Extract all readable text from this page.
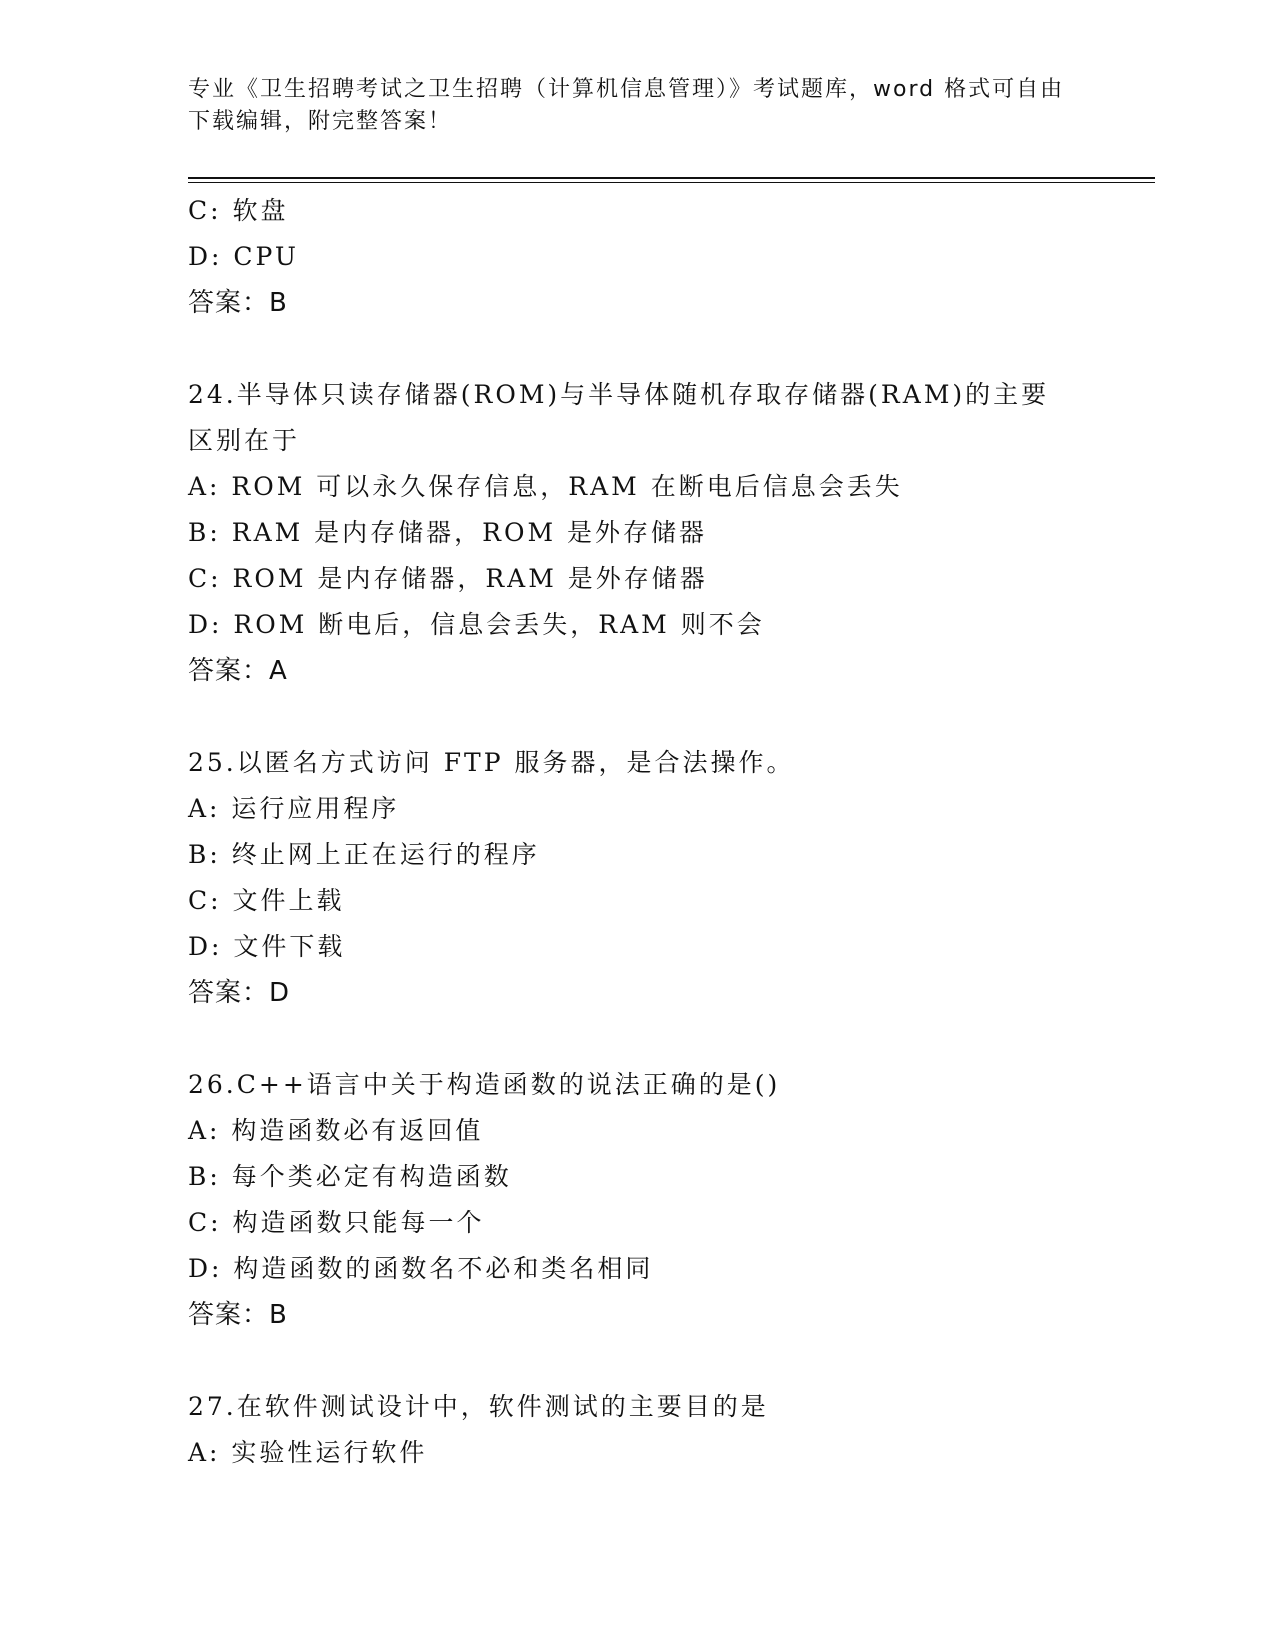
专业《卫生招聘考试之卫生招聘（计算机信息管理）》考试题库，word 格式可自由下载编辑，附完整答案！
C: 软盘
D: CPU
答案：B
24.半导体只读存储器(ROM)与半导体随机存取存储器(RAM)的主要区别在于
A: ROM 可以永久保存信息，RAM 在断电后信息会丢失
B: RAM 是内存储器，ROM 是外存储器
C: ROM 是内存储器，RAM 是外存储器
D: ROM 断电后，信息会丢失，RAM 则不会
答案：A
25.以匿名方式访问 FTP 服务器，是合法操作。
A: 运行应用程序
B: 终止网上正在运行的程序
C: 文件上载
D: 文件下载
答案：D
26.C++语言中关于构造函数的说法正确的是()
A: 构造函数必有返回值
B: 每个类必定有构造函数
C: 构造函数只能每一个
D: 构造函数的函数名不必和类名相同
答案：B
27.在软件测试设计中，软件测试的主要目的是
A: 实验性运行软件
